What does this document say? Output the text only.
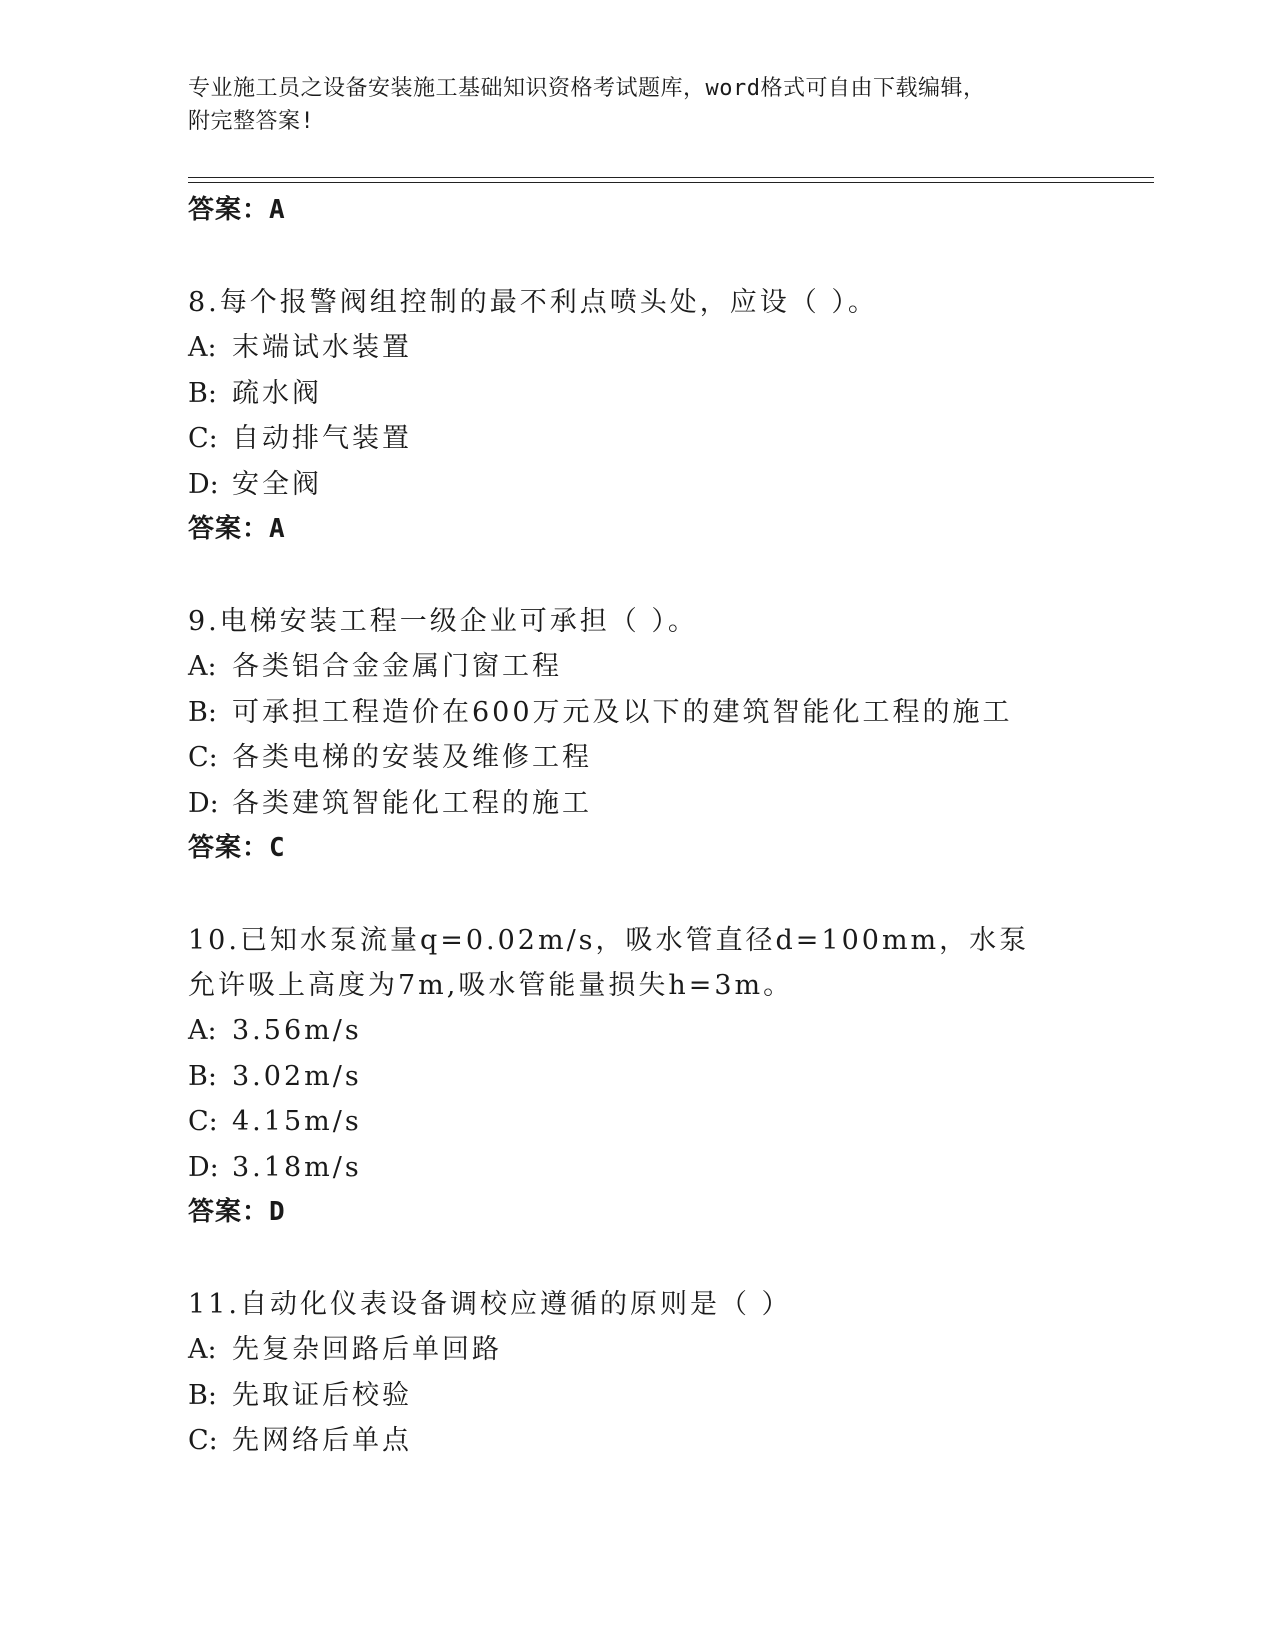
专业施工员之设备安装施工基础知识资格考试题库，word格式可自由下载编辑，
附完整答案!
答案：A
8.每个报警阀组控制的最不利点喷头处，应设（ ）。
A: 末端试水装置
B: 疏水阀
C: 自动排气装置
D: 安全阀
答案：A
9.电梯安装工程一级企业可承担（ ）。
A: 各类铝合金金属门窗工程
B: 可承担工程造价在600万元及以下的建筑智能化工程的施工
C: 各类电梯的安装及维修工程
D: 各类建筑智能化工程的施工
答案：C
10.已知水泵流量q=0.02m/s，吸水管直径d=100mm，水泵允许吸上高度为7m,吸水管能量损失h=3m。
A: 3.56m/s
B: 3.02m/s
C: 4.15m/s
D: 3.18m/s
答案：D
11.自动化仪表设备调校应遵循的原则是（ ）
A: 先复杂回路后单回路
B: 先取证后校验
C: 先网络后单点
